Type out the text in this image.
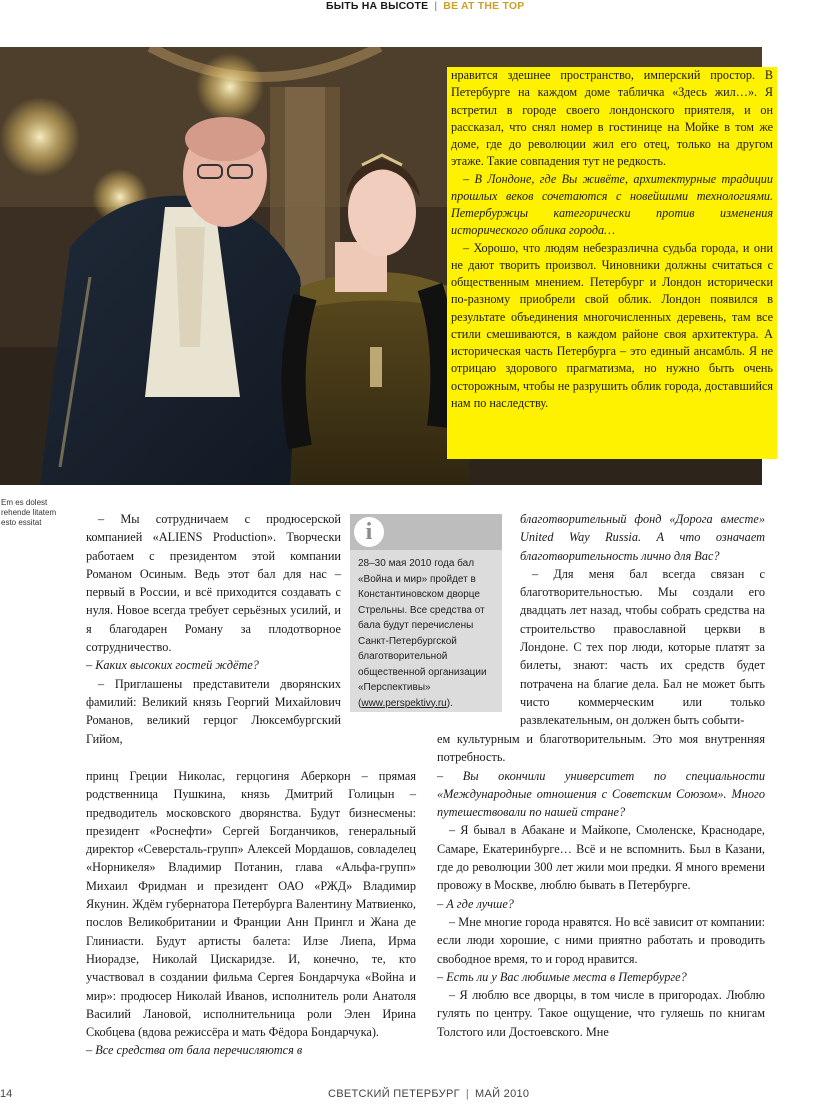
БЫТЬ НА ВЫСОТЕ | BE AT THE TOP

нравится здешнее пространство, имперский простор. В Петербурге на каждом доме табличка «Здесь жил…». Я встретил в городе своего лондонского приятеля, и он рассказал, что снял номер в гостинице на Мойке в том же доме, где до революции жил его отец, только на другом этаже. Такие совпадения тут не редкость.

– В Лондоне, где Вы живёте, архитектурные традиции прошлых веков сочетаются с новейшими технологиями. Петербуржцы категорически против изменения исторического облика города…

– Хорошо, что людям небезразлична судьба города, и они не дают творить произвол. Чиновники должны считаться с общественным мнением. Петербург и Лондон исторически по-разному приобрели свой облик. Лондон появился в результате объединения многочисленных деревень, там все стили смешиваются, в каждом районе своя архитектура. А историческая часть Петербурга – это единый ансамбль. Я не отрицаю здорового прагматизма, но нужно быть очень осторожным, чтобы не разрушить облик города, доставшийся нам по наследству.

Em es dolest rehende litatem esto essitat	– Мы сотрудничаем с продюсерской компанией «ALIENS Production». Творчески работаем с президентом этой компании Романом Осиным. Ведь этот бал для нас – первый в России, и всё приходится создавать с нуля. Новое всегда требует серьёзных усилий, и я благодарен Роману за плодотворное сотрудничество.

– Каких высоких гостей ждёте?

– Приглашены представители дворянских фамилий: Великий князь Георгий Михайлович Романов, великий герцог Люксембургский Гийом,

i
28–30 мая 2010 года бал «Война и мир» пройдет в Константиновском дворце Стрельны. Все средства от бала будут перечислены Санкт-Петербургской благотворительной общественной организации «Перспективы» (www.perspektivy.ru).

благотворительный фонд «Дорога вместе» United Way Russia. А что означает благотворительность лично для Вас?

– Для меня бал всегда связан с благотворительностью. Мы создали его двадцать лет назад, чтобы собрать средства на строительство православной церкви в Лондоне. С тех пор люди, которые платят за билеты, знают: часть их средств будет потрачена на благие дела. Бал не может быть чисто коммерческим или только развлекательным, он должен быть событи-

принц Греции Николас, герцогиня Аберкорн – прямая родственница Пушкина, князь Дмитрий Голицын – предводитель московского дворянства. Будут бизнесмены: президент «Роснефти» Сергей Богданчиков, генеральный директор «Северсталь-групп» Алексей Мордашов, совладелец «Норникеля» Владимир Потанин, глава «Альфа-групп» Михаил Фридман и президент ОАО «РЖД» Владимир Якунин. Ждём губернатора Петербурга Валентину Матвиенко, послов Великобритании и Франции Анн Прингл и Жана де Глиниасти. Будут артисты балета: Илзе Лиепа, Ирма Ниорадзе, Николай Цискаридзе. И, конечно, те, кто участвовал в создании фильма Сергея Бондарчука «Война и мир»: продюсер Николай Иванов, исполнитель роли Анатоля Василий Лановой, исполнительница роли Элен Ирина Скобцева (вдова режиссёра и мать Фёдора Бондарчука).

– Все средства от бала перечисляются в

ем культурным и благотворительным. Это моя внутренняя потребность.

– Вы окончили университет по специальности «Международные отношения с Советским Союзом». Много путешествовали по нашей стране?

– Я бывал в Абакане и Майкопе, Смоленске, Краснодаре, Самаре, Екатеринбурге… Всё и не вспомнить. Был в Казани, где до революции 300 лет жили мои предки. Я много времени провожу в Москве, люблю бывать в Петербурге.

– А где лучше?

– Мне многие города нравятся. Но всё зависит от компании: если люди хорошие, с ними приятно работать и проводить свободное время, то и город нравится.

– Есть ли у Вас любимые места в Петербурге?

– Я люблю все дворцы, в том числе в пригородах. Люблю гулять по центру. Такое ощущение, что гуляешь по книгам Толстого или Достоевского. Мне

14	СВЕТСКИЙ ПЕТЕРБУРГ | МАЙ 2010
